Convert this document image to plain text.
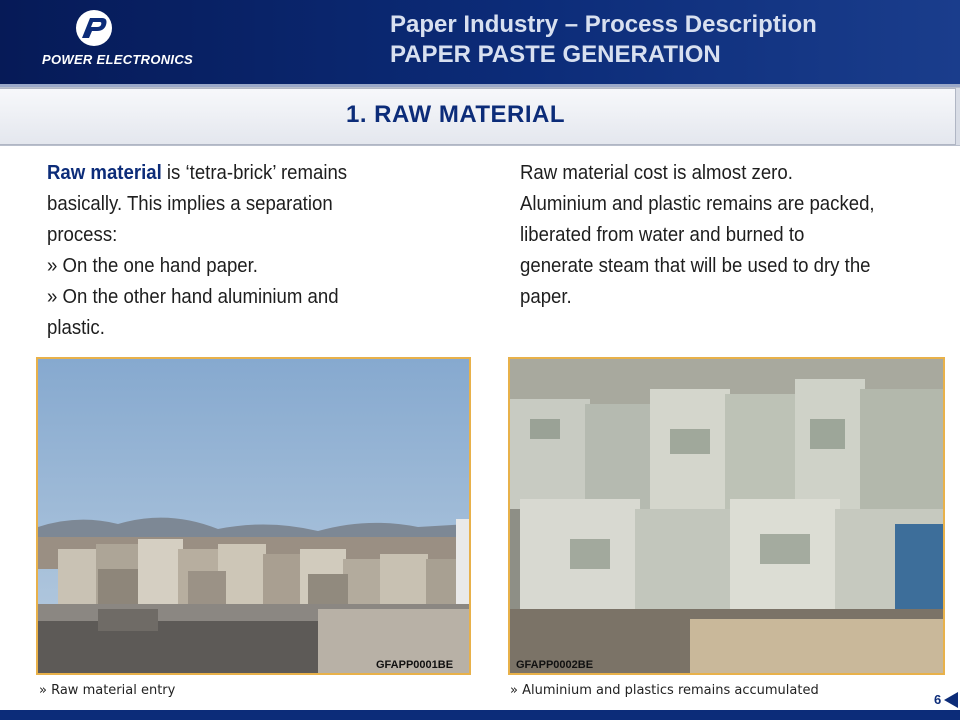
POWER ELECTRONICS
Paper Industry – Process Description
PAPER PASTE GENERATION
1. RAW MATERIAL
Raw material is ‘tetra-brick’ remains basically. This implies a separation process:
» On the one hand paper.
» On the other hand aluminium and plastic.
Raw material cost is almost zero. Aluminium and plastic remains are packed, liberated from water and burned to generate steam that will be used to dry the paper.
GFAPP0001BE	GFAPP0002BE
» Raw material entry	» Aluminium and plastics remains accumulated
6
